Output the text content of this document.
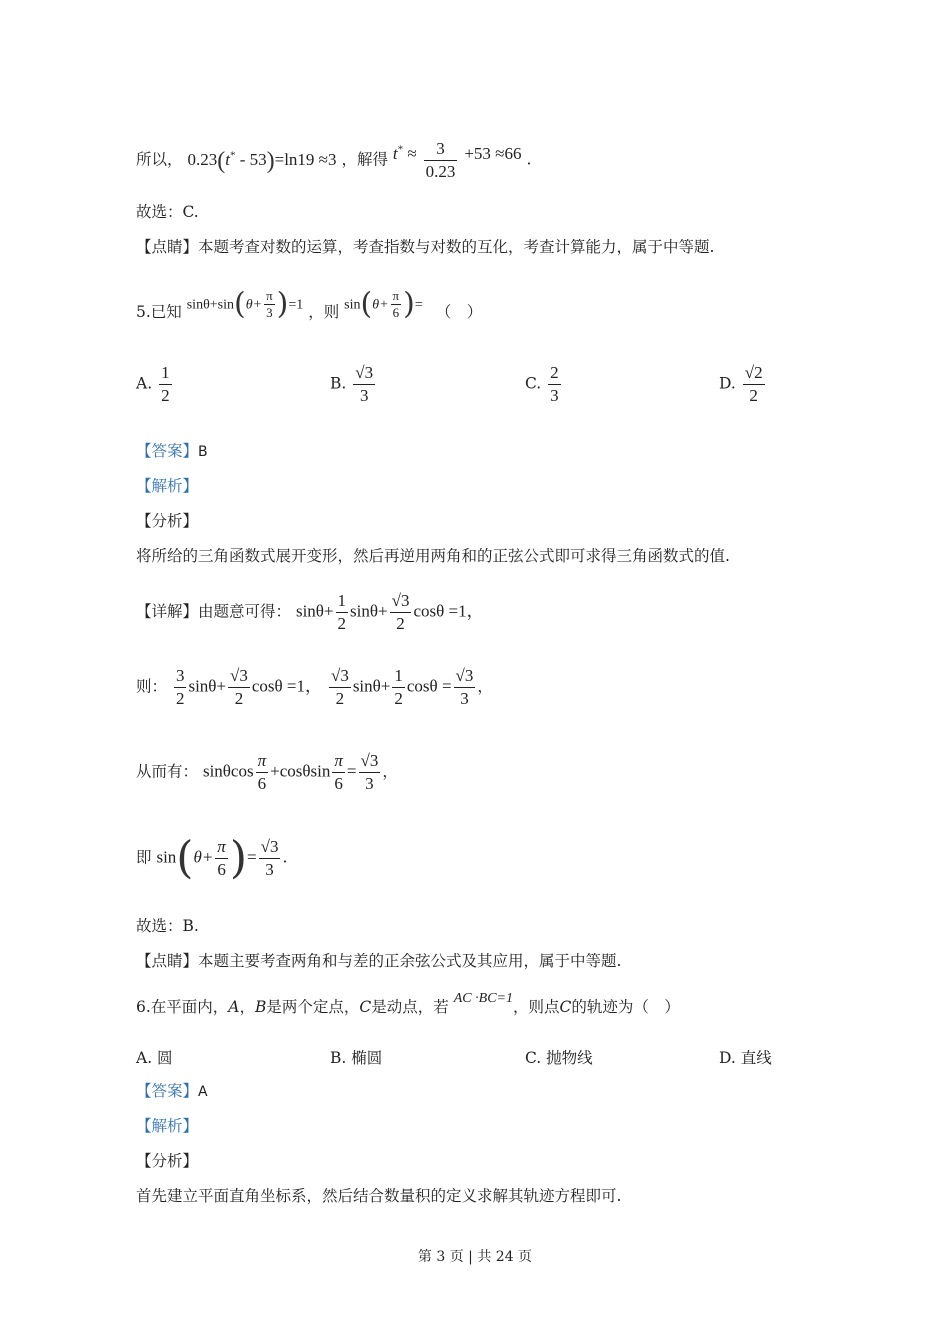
所以， 0.23(t* - 53)=ln19 ≈3 ，解得 $t^* \approx \frac{3}{0.23} +53 \approx 66$ .
故选：C.
【点睛】本题考查对数的运算，考查指数与对数的互化，考查计算能力，属于中等题.
5.已知 $\sin\theta+\sin(\theta+ \frac{\pi}{3} )=1$ ，则 $\sin(\theta+ \frac{\pi}{6}$ )= （　）
A. $\frac{1}{2}$	B. $\frac{√3}{3}$	C. $\frac{2}{3}$	D. $\frac{√2}{2}$
【答案】B
【解析】
【分析】
将所给的三角函数式展开变形，然后再逆用两角和的正弦公式即可求得三角函数式的值.
【详解】由题意可得： $\sin\theta+ \frac{1}{2} \sin\theta+ \frac{√3}{2}$ cosθ =1，
则： $\frac{3}{2} \sin\theta+ \frac{√3}{2}$ cosθ =1， $\frac{√3}{2} \sin\theta+ \frac{1}{2}$ $\cos\theta = \frac{√3}{3}$ ，
从而有： sinθcos $\frac{\pi}{6} +\cos\theta\sin \frac{\pi}{6} = \frac{√3}{3}$ ，
即 $\sin(\theta+ \frac{\pi}{6}$ )= $\frac{√3}{3}$ .
故选：B.
【点睛】本题主要考查两角和与差的正余弦公式及其应用，属于中等题.
6.在平面内，A，B是两个定点，C是动点，若 AC ·BC=1，则点C的轨迹为（　）
A. 圆	B. 椭圆	C. 抛物线	D. 直线
【答案】A
【解析】
【分析】
首先建立平面直角坐标系，然后结合数量积的定义求解其轨迹方程即可.
第 3 页 | 共 24 页
